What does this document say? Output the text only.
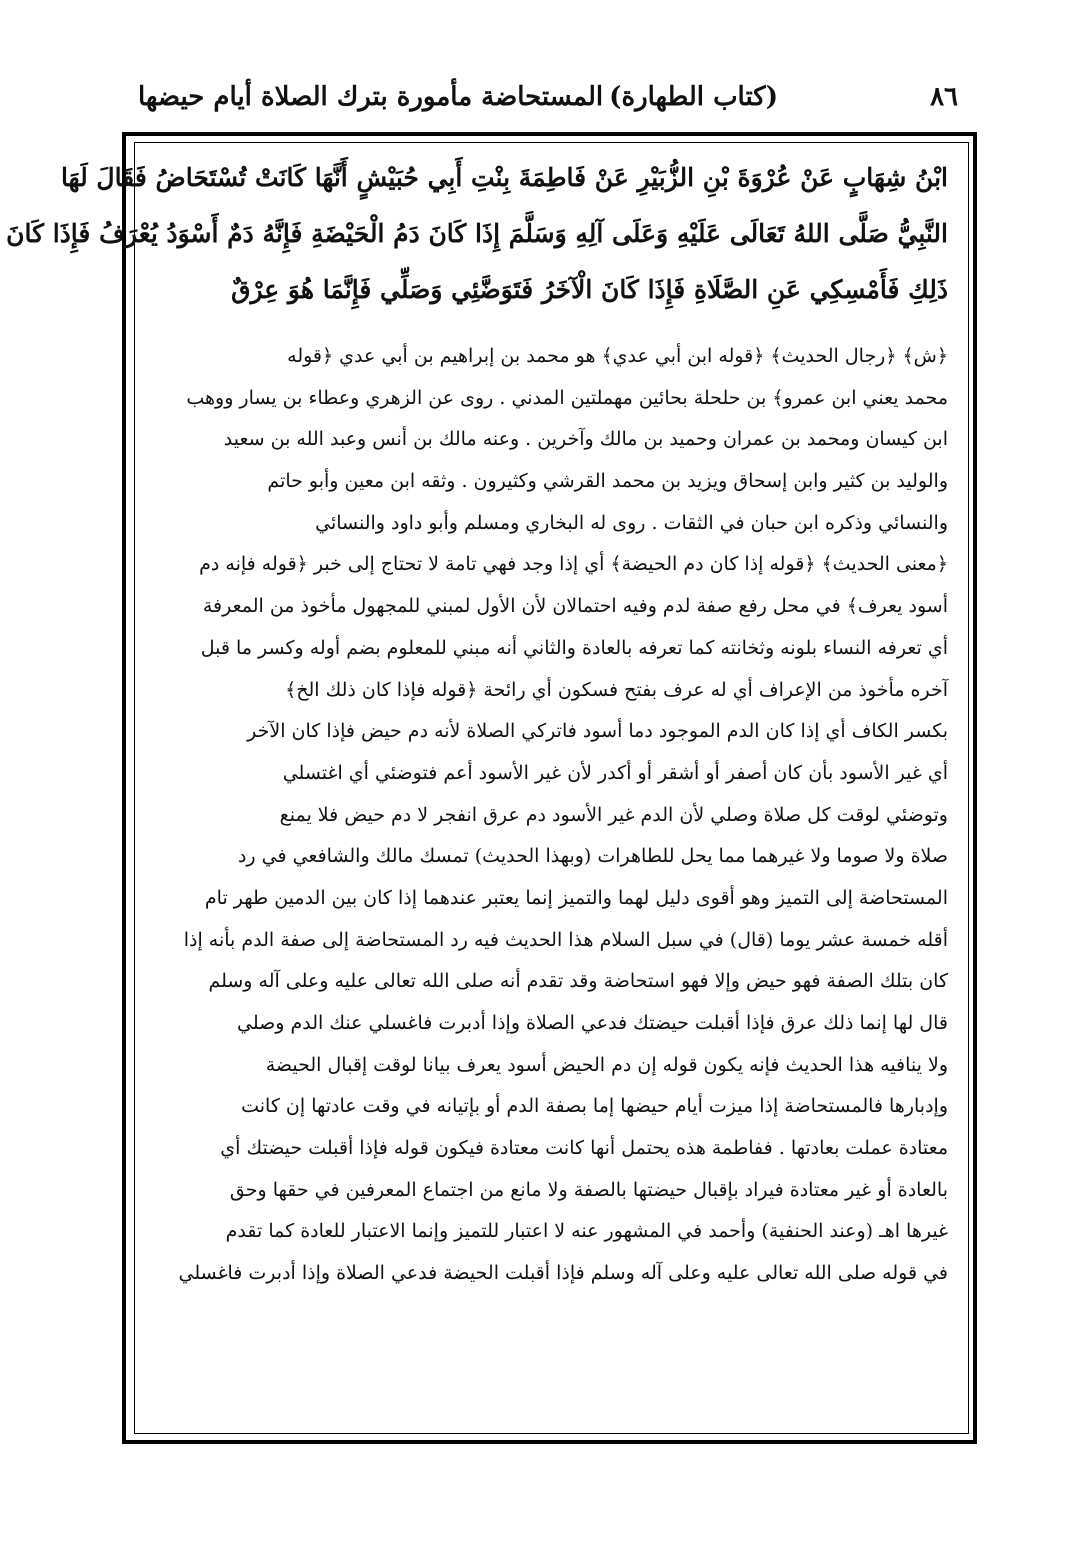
٨٦
(كتاب الطهارة)
المستحاضة مأمورة بترك الصلاة أيام حيضها
ابْنُ شِهَابٍ عَنْ عُرْوَةَ بْنِ الزُّبَيْرِ عَنْ فَاطِمَةَ بِنْتِ أَبِي حُبَيْشٍ أَنَّهَا كَانَتْ تُسْتَحَاضُ فَقَالَ لَهَا
النَّبِيُّ صَلَّى اللهُ تَعَالَى عَلَيْهِ وَعَلَى آلِهِ وَسَلَّمَ إِذَا كَانَ دَمُ الْحَيْضَةِ فَإِنَّهُ دَمٌ أَسْوَدُ يُعْرَفُ فَإِذَا كَانَ
ذَلِكِ فَأَمْسِكِي عَنِ الصَّلَاةِ فَإِذَا كَانَ الْآخَرُ فَتَوَضَّئِي وَصَلِّي فَإِنَّمَا هُوَ عِرْقٌ
﴿ش﴾ ﴿رجال الحديث﴾ ﴿قوله ابن أبي عدي﴾ هو محمد بن إبراهيم بن أبي عدي ﴿قوله
محمد يعني ابن عمرو﴾ بن حلحلة بحائين مهملتين المدني . روى عن الزهري وعطاء بن يسار ووهب
ابن كيسان ومحمد بن عمران وحميد بن مالك وآخرين . وعنه مالك بن أنس وعبد الله بن سعيد
والوليد بن كثير وابن إسحاق ويزيد بن محمد القرشي وكثيرون . وثقه ابن معين وأبو حاتم
والنسائي وذكره ابن حبان في الثقات . روى له البخاري ومسلم وأبو داود والنسائي
﴿معنى الحديث﴾ ﴿قوله إذا كان دم الحيضة﴾ أي إذا وجد فهي تامة لا تحتاج إلى خبر ﴿قوله فإنه دم
أسود يعرف﴾ في محل رفع صفة لدم وفيه احتمالان لأن الأول لمبني للمجهول مأخوذ من المعرفة
أي تعرفه النساء بلونه وثخانته كما تعرفه بالعادة والثاني أنه مبني للمعلوم بضم أوله وكسر ما قبل
آخره مأخوذ من الإعراف أي له عرف بفتح فسكون أي رائحة ﴿قوله فإذا كان ذلك الخ﴾
بكسر الكاف أي إذا كان الدم الموجود دما أسود فاتركي الصلاة لأنه دم حيض فإذا كان الآخر
أي غير الأسود بأن كان أصفر أو أشقر أو أكدر لأن غير الأسود أعم فتوضئي أي اغتسلي
وتوضئي لوقت كل صلاة وصلي لأن الدم غير الأسود دم عرق انفجر لا دم حيض فلا يمنع
صلاة ولا صوما ولا غيرهما مما يحل للطاهرات (وبهذا الحديث) تمسك مالك والشافعي في رد
المستحاضة إلى التميز وهو أقوى دليل لهما والتميز إنما يعتبر عندهما إذا كان بين الدمين طهر تام
أقله خمسة عشر يوما (قال) في سبل السلام هذا الحديث فيه رد المستحاضة إلى صفة الدم بأنه إذا
كان بتلك الصفة فهو حيض وإلا فهو استحاضة وقد تقدم أنه صلى الله تعالى عليه وعلى آله وسلم
قال لها إنما ذلك عرق فإذا أقبلت حيضتك فدعي الصلاة وإذا أدبرت فاغسلي عنك الدم وصلي
ولا ينافيه هذا الحديث فإنه يكون قوله إن دم الحيض أسود يعرف بيانا لوقت إقبال الحيضة
وإدبارها فالمستحاضة إذا ميزت أيام حيضها إما بصفة الدم أو بإتيانه في وقت عادتها إن كانت
معتادة عملت بعادتها . ففاطمة هذه يحتمل أنها كانت معتادة فيكون قوله فإذا أقبلت حيضتك أي
بالعادة أو غير معتادة فيراد بإقبال حيضتها بالصفة ولا مانع من اجتماع المعرفين في حقها وحق
غيرها اهـ (وعند الحنفية) وأحمد في المشهور عنه لا اعتبار للتميز وإنما الاعتبار للعادة كما تقدم
في قوله صلى الله تعالى عليه وعلى آله وسلم فإذا أقبلت الحيضة فدعي الصلاة وإذا أدبرت فاغسلي
